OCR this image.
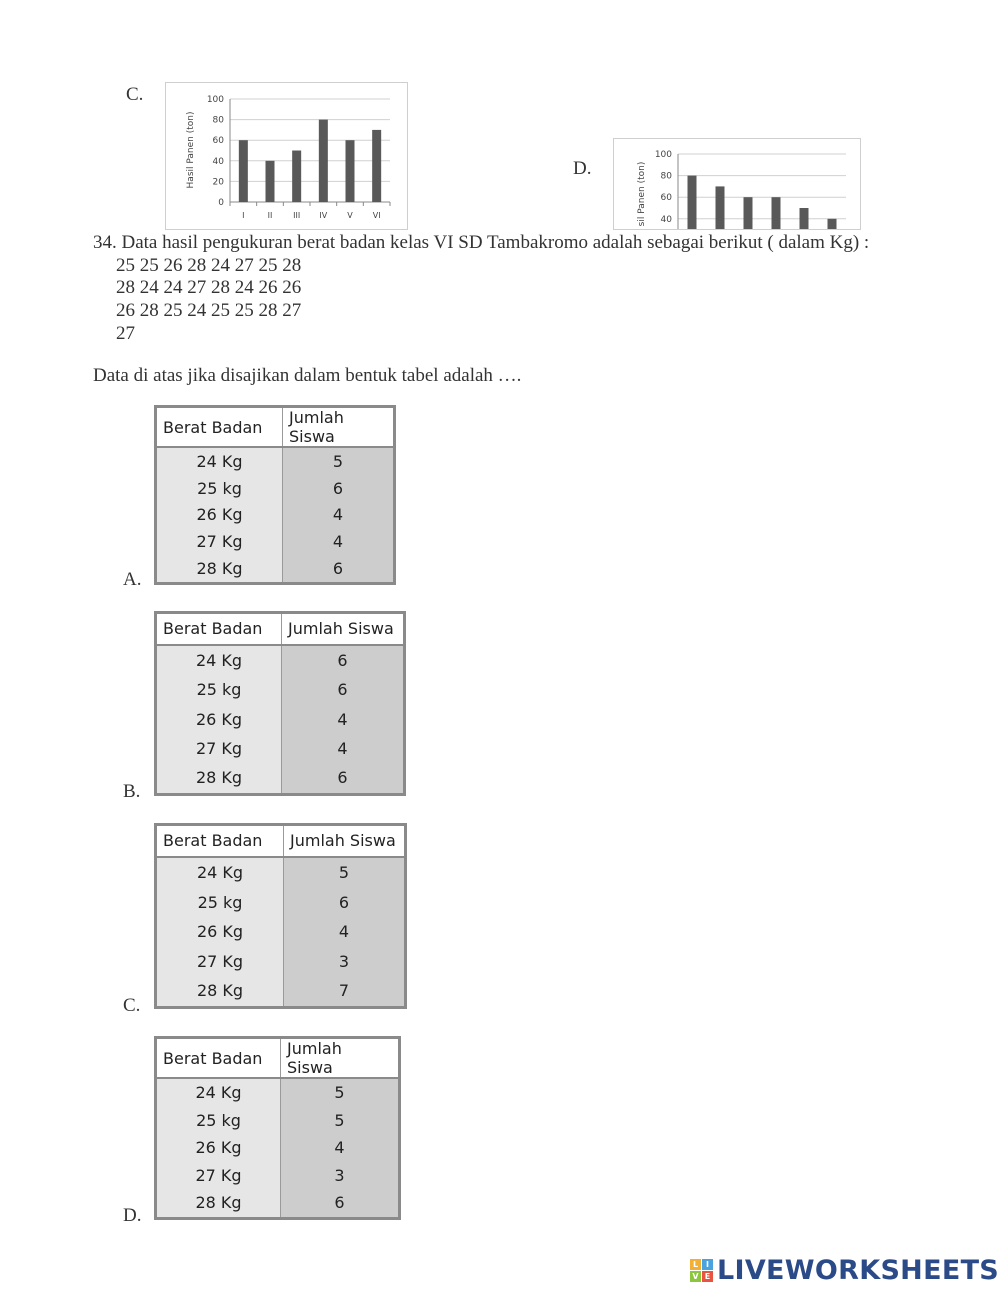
C.
0
20
40
60
80
100
I	II	III IV	V	VI
Hasil Panen (ton)	D.
40
60
80
100
sil Panen (ton)
34. Data hasil pengukuran berat badan kelas VI SD Tambakromo adalah sebagai berikut ( dalam Kg) :
25 25 26 28 24 27 25 28
28 24 24 27 28 24 26 26
26 28 25 24 25 25 28 27
27
Data di atas jika disajikan dalam bentuk tabel adalah ….
A.
Berat Badan	Jumlah Siswa
24 Kg	5
25 kg	6
26 Kg	4
27 Kg	4
28 Kg	6
B.
Berat Badan	Jumlah Siswa
24 Kg	6
25 kg	6
26 Kg	4
27 Kg	4
28 Kg	6
C.
Berat Badan	Jumlah Siswa
24 Kg	5
25 kg	6
26 Kg	4
27 Kg	3
28 Kg	7
D.
Berat Badan	Jumlah Siswa
24 Kg	5
25 kg	5
26 Kg	4
27 Kg	3
28 Kg	6
L I
V E LIVEWORKSHEETS
